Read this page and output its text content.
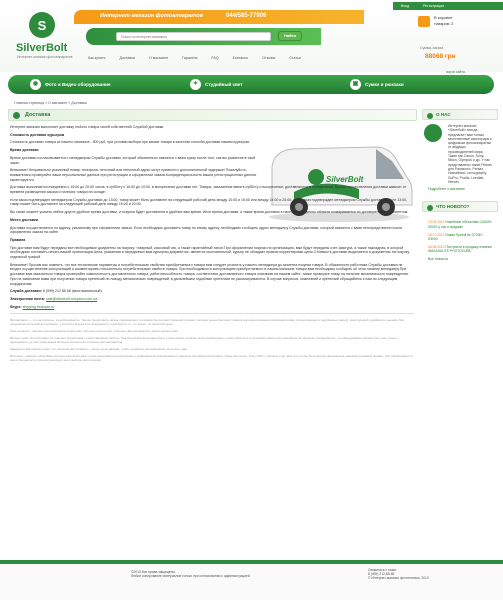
S
SilverBolt
Интернет-магазин фотоаппаратов
Интернет-магазин фотоаппаратов	044/585-77909
Поиск по интернет-магазину
Найти
Вход	Регистрация
В корзине
товаров: 2
Сумма заказа
88068 грн
корзи сайты
Как купить	Доставка	О магазине	Гарантия	FAQ	Контакты	Отзывы	Статьи
◉	Фото и Видео оборудование	✦	Студийный свет	▣	Сумки и рюкзаки
Главная страница » О магазине » Доставка
Доставка
SilverBolt

Интернет-магазин выполняет доставку любого товара своей собственной Службой доставки.

Стоимость доставки курьером

Стоимость доставки товара из нашего магазина - 500 руб, при условии выбора при заказе товара в качестве способа доставки нашим курьером.

Время доставки

Время доставки согласовывается с менеджером Службы доставки, который обязательно свяжется с вами сразу после того, как вы разместите свой заказ.

Внимание! Неправильно указанный номер телефона, неточный или неполный адрес могут привести к дополнительной задержке! Пожалуйста, внимательно проверяйте ваши персональные данные при регистрации и оформлении заказа.Конфиденциальность ваших регистрационных данных гарантируется.

Доставка выполняется ежедневно с 10:00 до 20:00 часов, в субботу с 10:00 до 19:00, в воскресенье доставки нет. Товары, заказанные вами в субботу и воскресенье, доставляются в понедельник. Время осуществления доставки зависит от времени размещения заказа и наличия товара на складе:

если заказ подтвержден менеджером Службы доставки до 13:00, товар может быть доставлен на следующий рабочий день между 10:00 и 15:00 или между 15:00 и 20:00; если заказ подтвержден менеджером Службы доставки после 13:00, товар может быть доставлен на следующий рабочий день между 15:00 и 20:00.

Вы также можете указать любое другое удобное время доставки, и покупка будет доставлена в удобное вам время. Иное время доставки, а также время доставки в населенные пункты области оговариваются по договоренности с клиентом.

Место доставки

Доставка осуществляется по адресу, указанному при оформлении заказа. Если необходимо доставить товар по иному адресу, необходимо сообщить адрес менеджеру Службы доставки, который свяжется с вами непосредственно после оформления заказа на сайте.

Правила

При доставке вам будут переданы все необходимые документы на покупку: товарный, кассовый чек, а также гарантийный талон.При оформлении покупки на организацию, вам будут переданы счет-фактура, а также накладная, в которой необходимо поставить печать вашей организации.Цена, указанная в переданных вам курьером документах, является окончательной, курьер не обладает правом корректировки цены.Стоимость доставки выделяется в документах на покупку отдельной графой.

Внимание! Просим вас помнить, что все технические параметры и потребительские свойства приобретаемого товара вам следует уточнить у нашего менеджера до момента покупки товара. В обязанности работника Службы доставки не входит осуществление консультаций и комментариев относительно потребительских свойств товара. При необходимости консультацию приобретаемого в нашем магазине товара вам необходимо сообщить об этом нашему менеджеру.При доставке вам заказанного товара проверяйте комплектность доставленного товара, работоспособность товара, соответствие доставленного товара описанию на нашем сайте, также проверьте товар на наличие механического повреждения. При не замечании вами при получении товара претензий по поводу механических повреждений, в дальнейшем подобные претензии не рассматриваются. В случае вопросов, пожеланий и претензий обращайтесь к нам по следующим координатам:

Служба доставки: 8 (999) 212 85 66 (многоканальный).

Электронная почта: sale@silverbolt.shopsoo.com.ua

Skype: shipping.example.ru

Фотоаппарат — это не роскошь, а необходимость. Теперь представить жизнь современного человека без соответствующей техники. Сегодня рынок бытовых товаров наполнен разными производителями (отечественных и зарубежных марок), конструкцией, дизайном и ценами. Мы предлагаем большой ассортимент, у которого всегда есть возможность приобрести то, что нужно, по приятной цене.

Наш интернет - магазин фотоаппаратов предлагает большое количество отличных фотоаппаратов и аксессуаров к ним.

Всегда, нужно фотоаппарат не отвечает средствами к представлению работы. Под видом всегда должны быть с ним кнопки, которые прост необходимы, чтобы облегчить в установке работы фотоаппарата. В процессе определяется, что оборудование должно быть как лучше с функциями и др. Мы предлагаем большое количество отличных фотоаппаратов.

Каждый из вас хорошо знает, что хорошая фотография — вещь очень важная, чтобы сохранить воспоминание на долгие годы.

Интернет - магазин «SilverBolt» всегда предлагает вам только качественные аксессуары к цифровым фотоаппаратам от ведущих производителей мира. Такие как Canon, Sony, Nikon, Olympus и др. Для того чтобы быть всегда уверенным в надежности вашей техники. При необходимости наши специалисты проконсультируют вас в выборе фототехники.

О НАС
Интернет-магазин «SilverBolt» всегда предлагает вам только качественные аксессуары к цифровым фотоаппаратам от ведущих производителей мира. Такие как Canon, Sony, Nikon, Olympus и др. У нас представлены также Ремни для Panasonic, Pentax, Hasselblad, Lensography, GoPro, Pradis, Leedlab, Hensel.
Подробнее о магазине
ЧТО НОВОГО?
13.09.2013 Новейшие объективы CANON ZEISS у нас в продаже
16.07.2013 Новая SpeedLite D7000 / D3000
06.06.2013 Поступили в продажу новинки WAKANALITE PHOTOCUBE
Все новости
©2013 Все права защищены.
Любое копирование материалов только при согласовании с администрацией.
Свяжитесь с нами:
8 (495) 212-85-66
© Интернет-магазин фототехники, 2013
